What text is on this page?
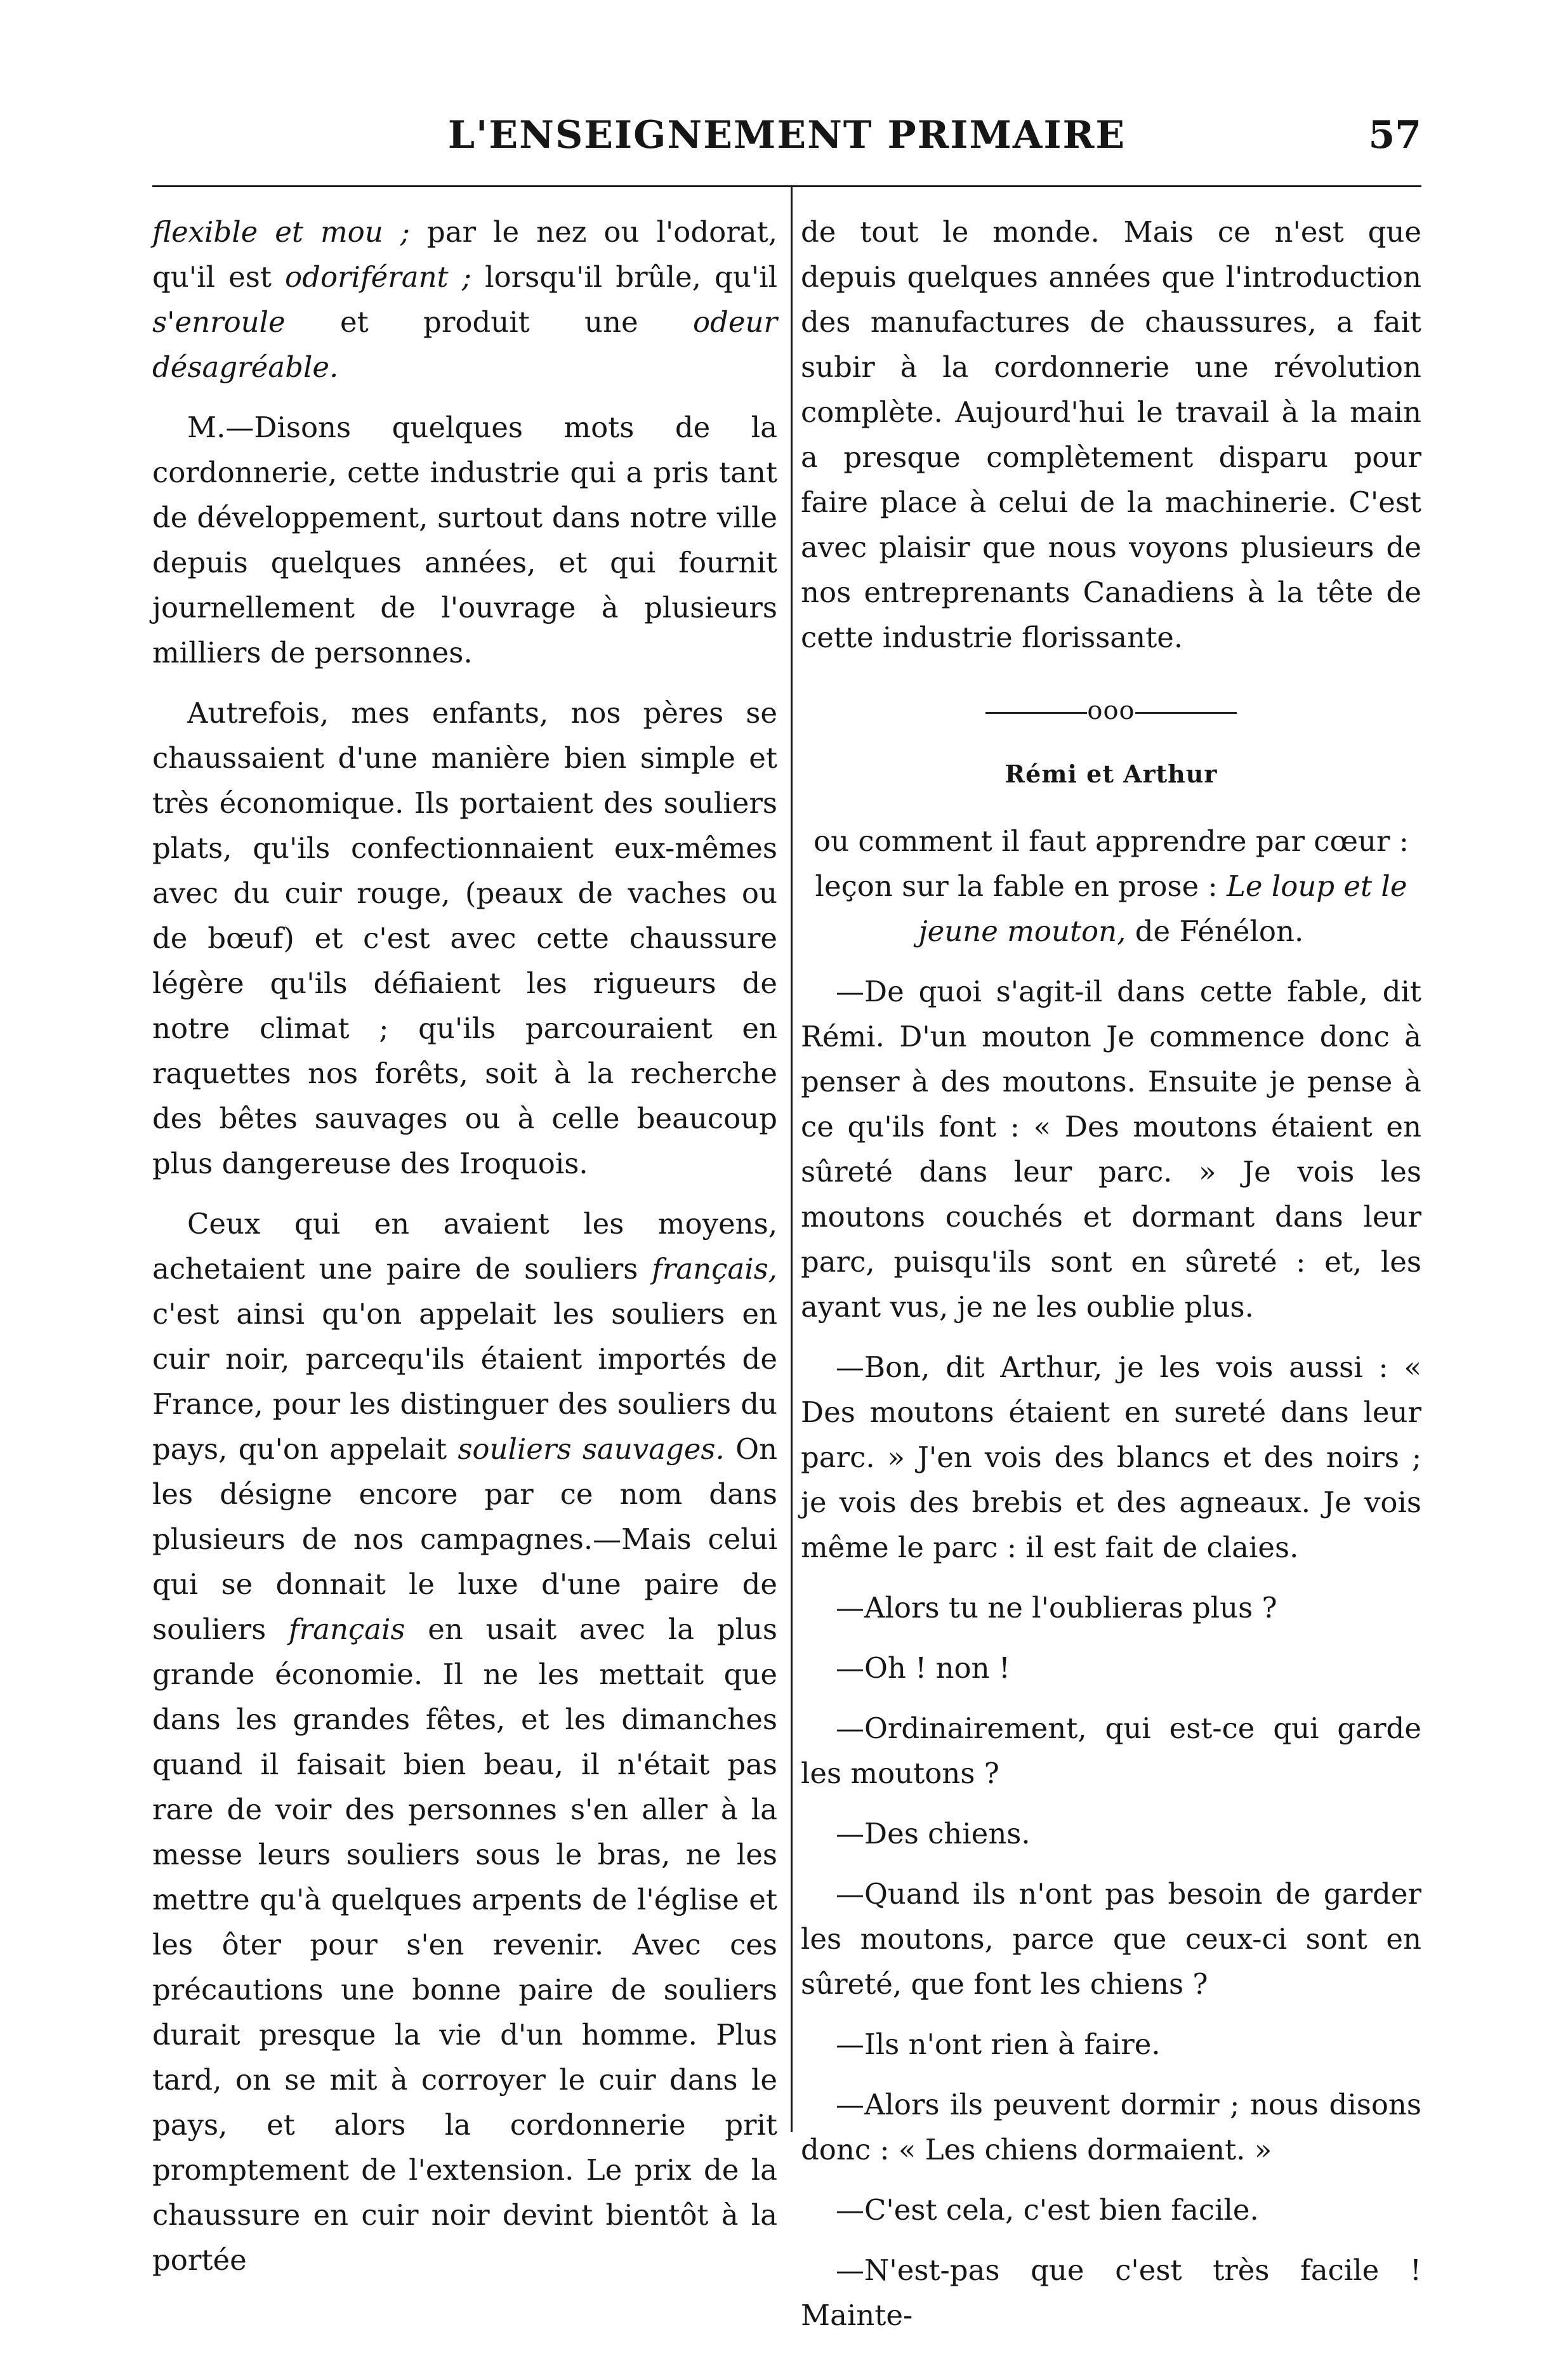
L'ENSEIGNEMENT PRIMAIRE	57

flexible et mou ; par le nez ou l'odorat, qu'il est odoriférant ; lorsqu'il brûle, qu'il s'enroule et produit une odeur désagréable.

M.—Disons quelques mots de la cordonnerie, cette industrie qui a pris tant de développement, surtout dans notre ville depuis quelques années, et qui fournit journellement de l'ouvrage à plusieurs milliers de personnes.

Autrefois, mes enfants, nos pères se chaussaient d'une manière bien simple et très économique. Ils portaient des souliers plats, qu'ils confectionnaient eux-mêmes avec du cuir rouge, (peaux de vaches ou de bœuf) et c'est avec cette chaussure légère qu'ils défiaient les rigueurs de notre climat ; qu'ils parcouraient en raquettes nos forêts, soit à la recherche des bêtes sauvages ou à celle beaucoup plus dangereuse des Iroquois.

Ceux qui en avaient les moyens, achetaient une paire de souliers français, c'est ainsi qu'on appelait les souliers en cuir noir, parcequ'ils étaient importés de France, pour les distinguer des souliers du pays, qu'on appelait souliers sauvages. On les désigne encore par ce nom dans plusieurs de nos campagnes.—Mais celui qui se donnait le luxe d'une paire de souliers français en usait avec la plus grande économie. Il ne les mettait que dans les grandes fêtes, et les dimanches quand il faisait bien beau, il n'était pas rare de voir des personnes s'en aller à la messe leurs souliers sous le bras, ne les mettre qu'à quelques arpents de l'église et les ôter pour s'en revenir. Avec ces précautions une bonne paire de souliers durait presque la vie d'un homme. Plus tard, on se mit à corroyer le cuir dans le pays, et alors la cordonnerie prit promptement de l'extension. Le prix de la chaussure en cuir noir devint bientôt à la portée

de tout le monde. Mais ce n'est que depuis quelques années que l'introduction des manufactures de chaussures, a fait subir à la cordonnerie une révolution complète. Aujourd'hui le travail à la main a presque complètement disparu pour faire place à celui de la machinerie. C'est avec plaisir que nous voyons plusieurs de nos entreprenants Canadiens à la tête de cette industrie florissante.

ooo
Rémi et Arthur

ou comment il faut apprendre par cœur : leçon sur la fable en prose : Le loup et le jeune mouton, de Fénélon.

—De quoi s'agit-il dans cette fable, dit Rémi. D'un mouton Je commence donc à penser à des moutons. Ensuite je pense à ce qu'ils font : « Des moutons étaient en sûreté dans leur parc. » Je vois les moutons couchés et dormant dans leur parc, puisqu'ils sont en sûreté : et, les ayant vus, je ne les oublie plus.

—Bon, dit Arthur, je les vois aussi : « Des moutons étaient en sureté dans leur parc. » J'en vois des blancs et des noirs ; je vois des brebis et des agneaux. Je vois même le parc : il est fait de claies.

—Alors tu ne l'oublieras plus ?

—Oh ! non !

—Ordinairement, qui est-ce qui garde les moutons ?

—Des chiens.

—Quand ils n'ont pas besoin de garder les moutons, parce que ceux-ci sont en sûreté, que font les chiens ?

—Ils n'ont rien à faire.

—Alors ils peuvent dormir ; nous disons donc : « Les chiens dormaient. »

—C'est cela, c'est bien facile.

—N'est-pas que c'est très facile ! Mainte-
